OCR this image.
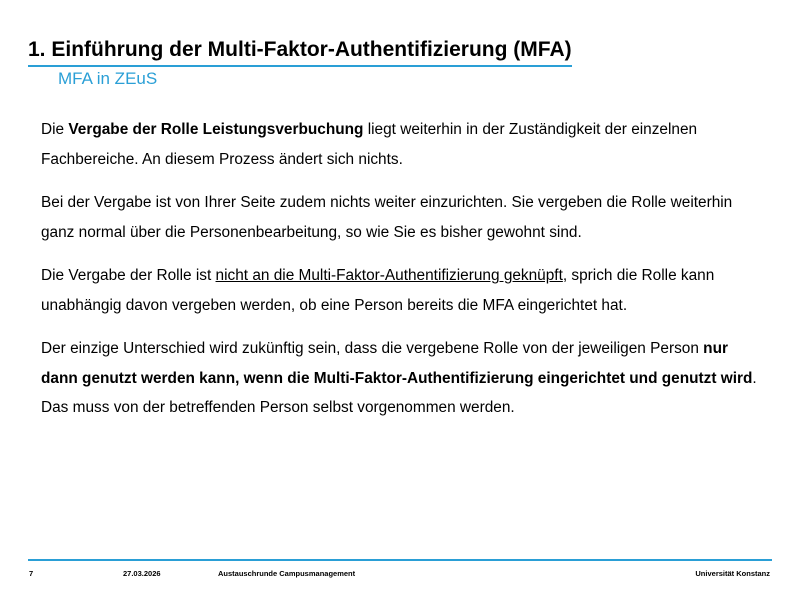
1. Einführung der Multi-Faktor-Authentifizierung (MFA)
MFA in ZEuS

Die Vergabe der Rolle Leistungsverbuchung liegt weiterhin in der Zuständigkeit der einzelnen Fachbereiche. An diesem Prozess ändert sich nichts.

Bei der Vergabe ist von Ihrer Seite zudem nichts weiter einzurichten. Sie vergeben die Rolle weiterhin ganz normal über die Personenbearbeitung, so wie Sie es bisher gewohnt sind.

Die Vergabe der Rolle ist nicht an die Multi-Faktor-Authentifizierung geknüpft, sprich die Rolle kann unabhängig davon vergeben werden, ob eine Person bereits die MFA eingerichtet hat.

Der einzige Unterschied wird zukünftig sein, dass die vergebene Rolle von der jeweiligen Person nur dann genutzt werden kann, wenn die Multi-Faktor-Authentifizierung eingerichtet und genutzt wird. Das muss von der betreffenden Person selbst vorgenommen werden.

7	27.03.2026	Austauschrunde Campusmanagement	Universität Konstanz
